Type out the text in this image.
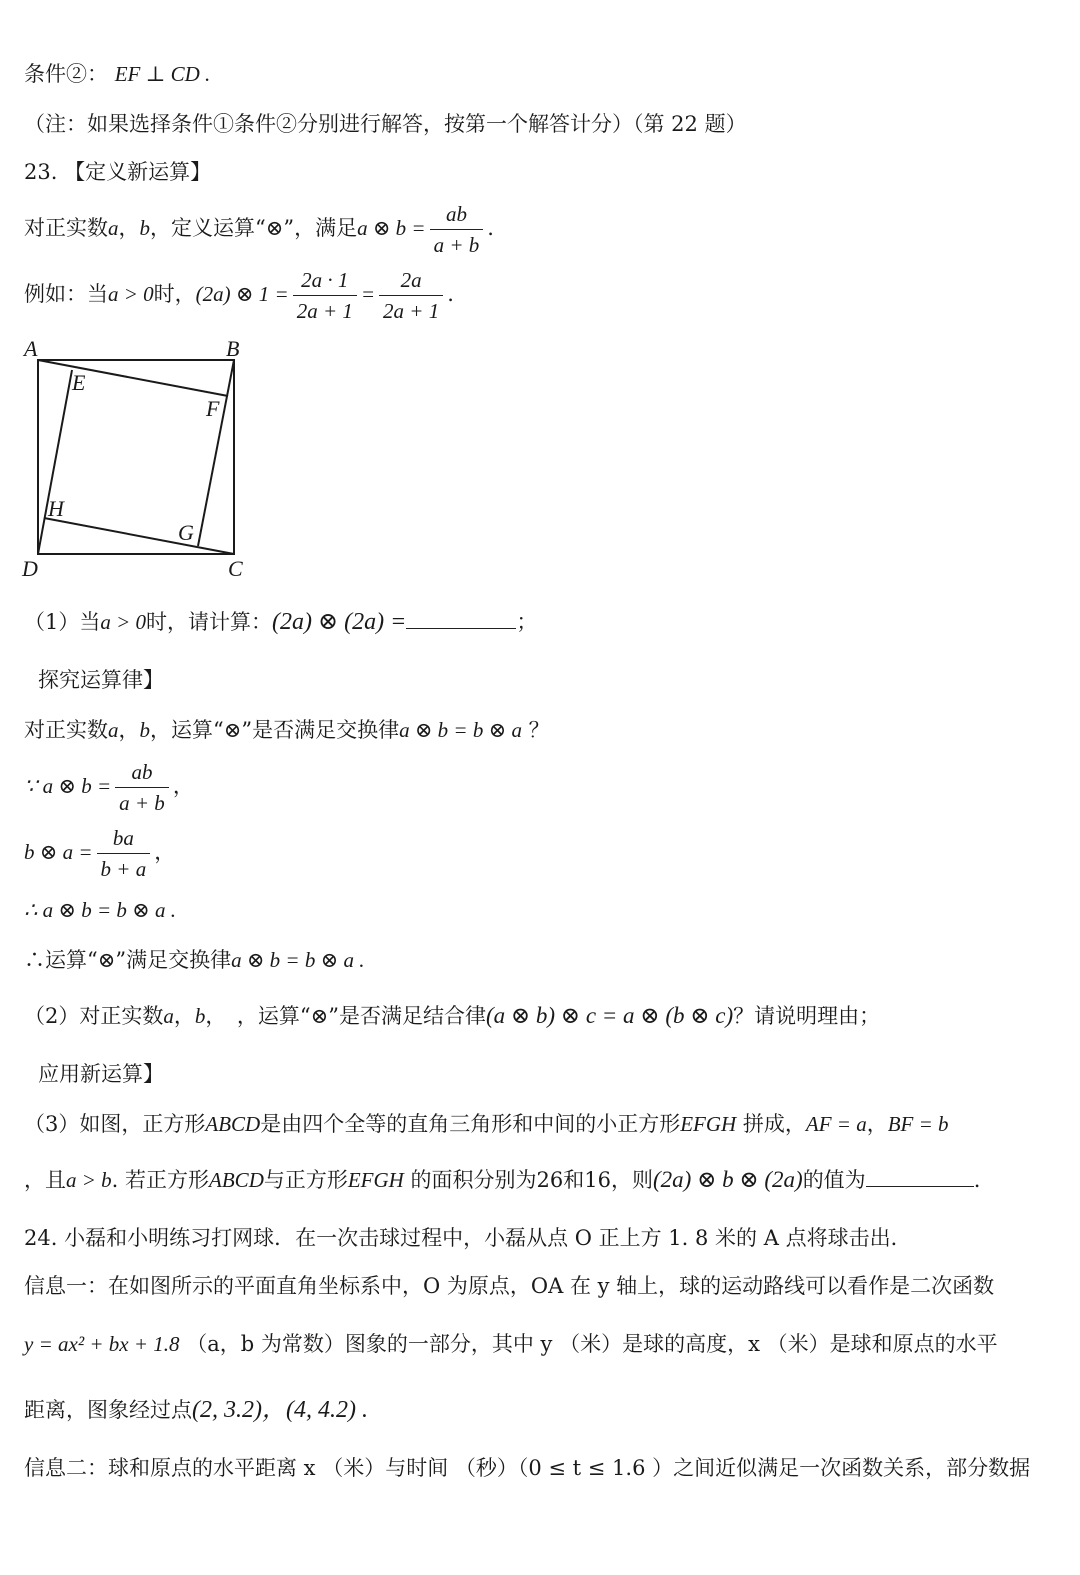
条件②： EF ⊥ CD .
（注：如果选择条件①条件②分别进行解答，按第一个解答计分）（第 22 题）
23. 【定义新运算】
对正实数a，b，定义运算“⊗”，满足a ⊗ $b = \frac{ab}{a + b}$ .
例如：当a > 0时，(2a) ⊗ $1 = \frac{2a \cdot 1}{2a + 1} = \frac{2a}{2a + 1}$ .
A	B
C
D
E
F
G
H
（1）当a > 0时，请计算：(2a) ⊗ (2a) =	；
探究运算律】
对正实数a，b，运算“⊗”是否满足交换律a ⊗ b = b ⊗ a ？
∵ a ⊗ $b = \frac{ab}{a + b}$ ，
b ⊗ $a = \frac{ba}{b + a}$ ，
∴ a ⊗ b = b ⊗ a .
∴运算“⊗”满足交换律a ⊗ b = b ⊗ a .
（2）对正实数a，b，　，运算“⊗”是否满足结合律(a ⊗ b) ⊗ c = a ⊗ (b ⊗ c)？请说明理由；
应用新运算】
（3）如图，正方形ABCD是由四个全等的直角三角形和中间的小正方形EFGH 拼成，AF = a，BF = b
，且a > b. 若正方形ABCD与正方形EFGH 的面积分别为26和16，则(2a) ⊗ b ⊗ (2a)的值为	.
24. 小磊和小明练习打网球．在一次击球过程中，小磊从点 O 正上方 1. 8 米的 A 点将球击出．
信息一：在如图所示的平面直角坐标系中，O 为原点，OA 在 y 轴上，球的运动路线可以看作是二次函数
y = ax² + bx + 1.8 （a，b 为常数）图象的一部分，其中 y （米）是球的高度，x （米）是球和原点的水平
距离，图象经过点(2, 3.2)，(4, 4.2) .
信息二：球和原点的水平距离 x （米）与时间 （秒）（0 ≤ t ≤ 1.6 ）之间近似满足一次函数关系，部分数据
